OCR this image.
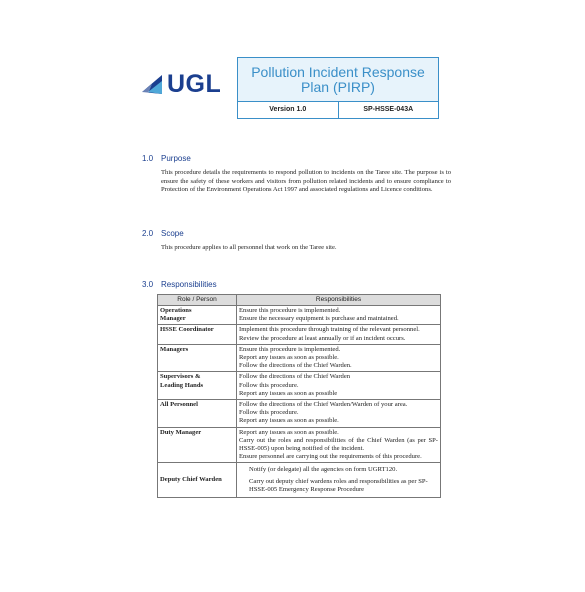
UGL	Pollution Incident Response
Plan (PIRP)
Version 1.0	SP-HSSE-043A
1.0 Purpose
This procedure details the requirements to respond pollution to incidents on the Taree site. The purpose is to ensure the safety of these workers and visitors from pollution related incidents and to ensure compliance to Protection of the Environment Operations Act 1997 and associated regulations and Licence conditions.
2.0 Scope
This procedure applies to all personnel that work on the Taree site.
3.0 Responsibilities
Role / Person	Responsibilities

Operations
Manager	Ensure this procedure is implemented.
Ensure the necessary equipment is purchase and maintained.

HSSE Coordinator	Implement this procedure through training of the relevant personnel.
Review the procedure at least annually or if an incident occurs.

Managers	Ensure this procedure is implemented.
Report any issues as soon as possible.
Follow the directions of the Chief Warden.

Supervisors &
Leading Hands	Follow the directions of the Chief Warden
Follow this procedure.
Report any issues as soon as possible

All Personnel	Follow the directions of the Chief Warden/Warden of your area.
Follow this procedure.
Report any issues as soon as possible.

Duty Manager	Report any issues as soon as possible.
Carry out the roles and responsibilities of the Chief Warden (as per SP-HSSE-005) upon being notified of the incident.
Ensure personnel are carrying out the requirements of this procedure.

Deputy Chief Warden	Notify (or delegate) all the agencies on form UGRT120.
Carry out deputy chief wardens roles and responsibilities as per SP-HSSE-005 Emergency Response Procedure
